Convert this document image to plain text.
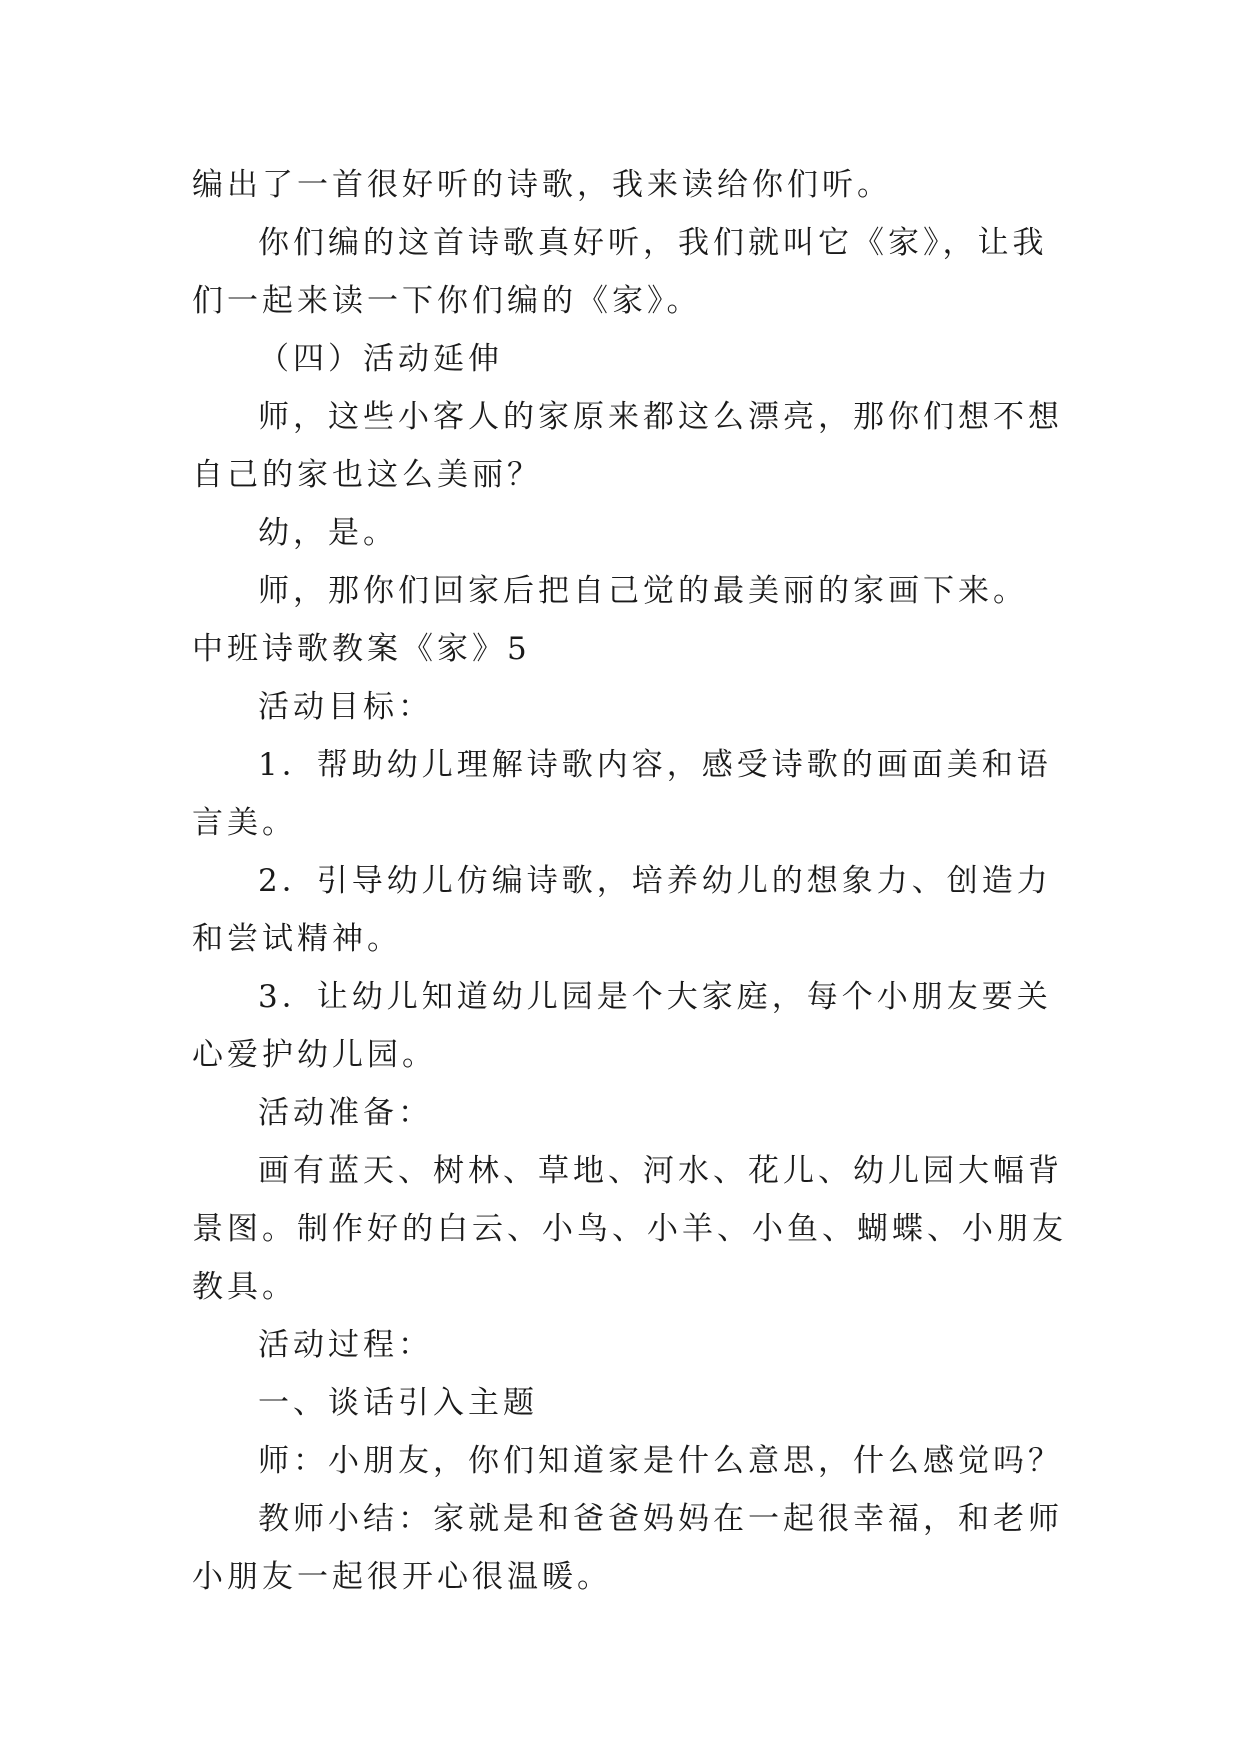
编出了一首很好听的诗歌，我来读给你们听。

你们编的这首诗歌真好听，我们就叫它《家》，让我们一起来读一下你们编的《家》。

（四）活动延伸

师，这些小客人的家原来都这么漂亮，那你们想不想自己的家也这么美丽？

幼，是。

师，那你们回家后把自己觉的最美丽的家画下来。

中班诗歌教案《家》5

活动目标：

1．帮助幼儿理解诗歌内容，感受诗歌的画面美和语言美。

2．引导幼儿仿编诗歌，培养幼儿的想象力、创造力和尝试精神。

3．让幼儿知道幼儿园是个大家庭，每个小朋友要关心爱护幼儿园。

活动准备：

画有蓝天、树林、草地、河水、花儿、幼儿园大幅背景图。制作好的白云、小鸟、小羊、小鱼、蝴蝶、小朋友教具。

活动过程：

一、谈话引入主题

师：小朋友，你们知道家是什么意思，什么感觉吗？

教师小结：家就是和爸爸妈妈在一起很幸福，和老师小朋友一起很开心很温暖。
